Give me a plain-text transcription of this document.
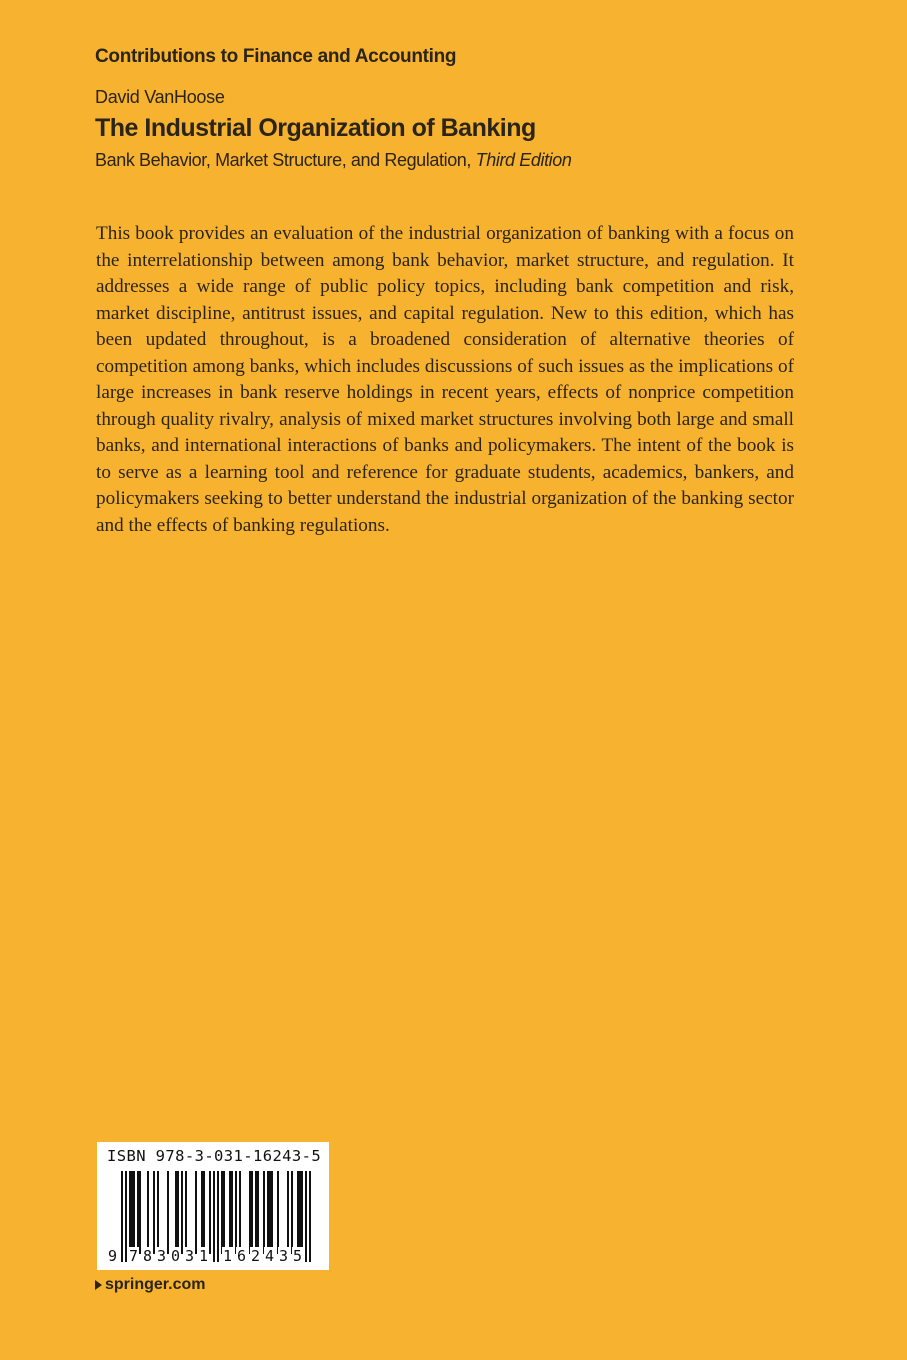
Contributions to Finance and Accounting
David VanHoose
The Industrial Organization of Banking
Bank Behavior, Market Structure, and Regulation, Third Edition

This book provides an evaluation of the industrial organization of banking with a focus on the interrelationship between among bank behavior, market structure, and regulation. It addresses a wide range of public policy topics, including bank competition and risk, market discipline, antitrust issues, and capital regulation. New to this edition, which has been updated throughout, is a broadened consideration of alternative theories of competition among banks, which includes discussions of such issues as the implications of large increases in bank reserve holdings in recent years, effects of nonprice competition through quality rivalry, analysis of mixed market structures involving both large and small banks, and international interactions of banks and policymakers. The intent of the book is to serve as a learning tool and reference for graduate students, academics, bankers, and policymakers seeking to better understand the industrial organization of the banking sector and the effects of banking regulations.

ISBN 978-3-031-16243-5
9 7 8 3 0 3 1 1 6 2 4 3 5
springer.com
